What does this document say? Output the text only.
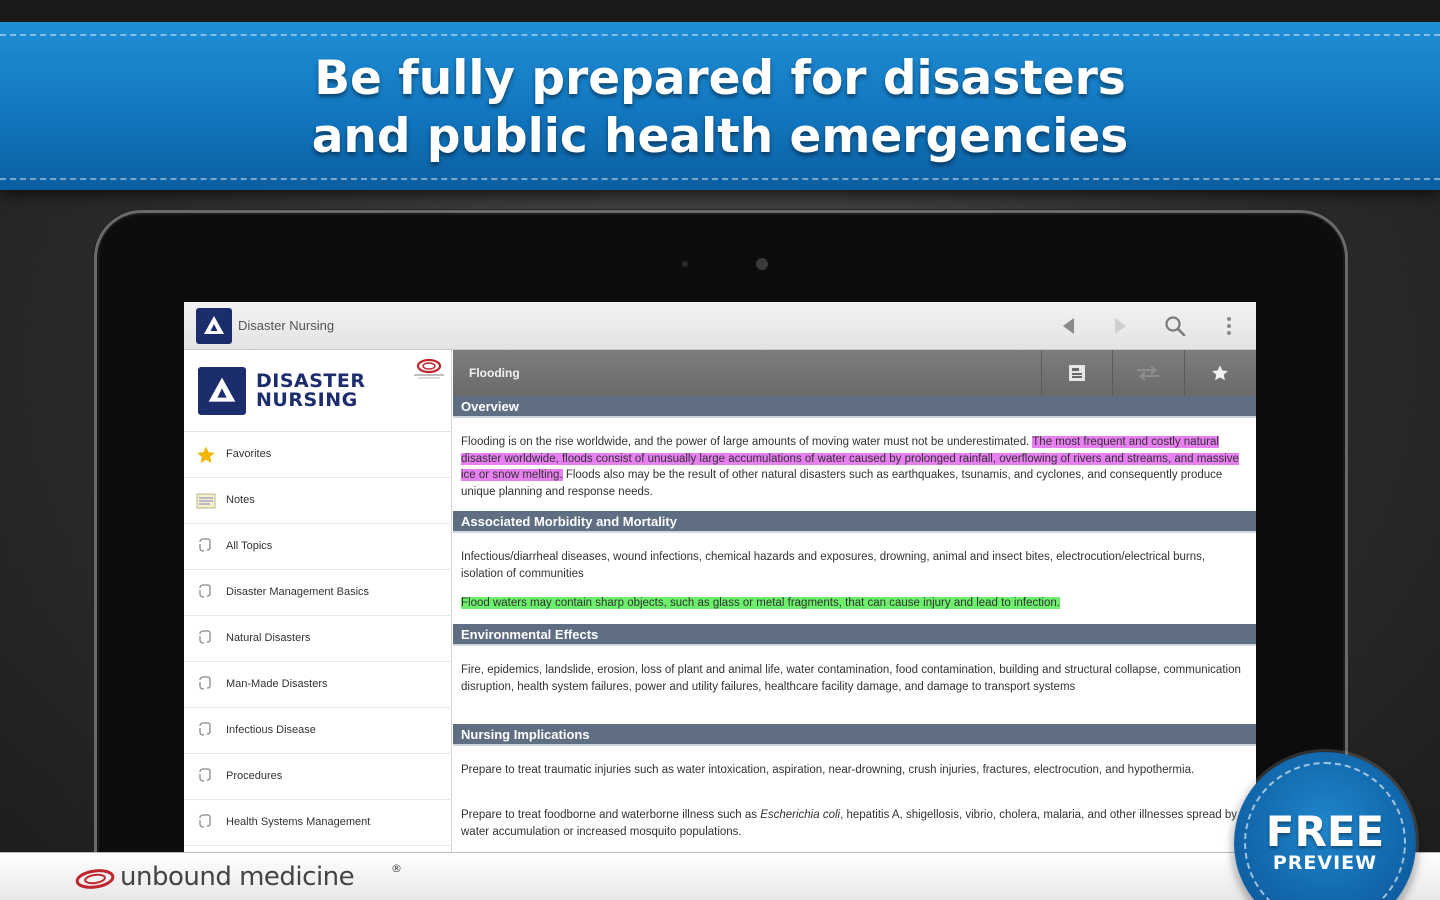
Be fully prepared for disasters
and public health emergencies
Disaster Nursing
DISASTER
NURSING
Favorites
Notes
All Topics
Disaster Management Basics
Natural Disasters
Man-Made Disasters
Infectious Disease
Procedures
Health Systems Management
Flooding
Overview
Flooding is on the rise worldwide, and the power of large amounts of moving water must not be underestimated. The most frequent and costly natural disaster worldwide, floods consist of unusually large accumulations of water caused by prolonged rainfall, overflowing of rivers and streams, and massive ice or snow melting. Floods also may be the result of other natural disasters such as earthquakes, tsunamis, and cyclones, and consequently produce unique planning and response needs.
Associated Morbidity and Mortality
Infectious/diarrheal diseases, wound infections, chemical hazards and exposures, drowning, animal and insect bites, electrocution/electrical burns, isolation of communities
Flood waters may contain sharp objects, such as glass or metal fragments, that can cause injury and lead to infection.
Environmental Effects
Fire, epidemics, landslide, erosion, loss of plant and animal life, water contamination, food contamination, building and structural collapse, communication disruption, health system failures, power and utility failures, healthcare facility damage, and damage to transport systems
Nursing Implications
Prepare to treat traumatic injuries such as water intoxication, aspiration, near-drowning, crush injuries, fractures, electrocution, and hypothermia.
Prepare to treat foodborne and waterborne illness such as Escherichia coli, hepatitis A, shigellosis, vibrio, cholera, malaria, and other illnesses spread by water accumulation or increased mosquito populations.
unbound medicine	®
FREE
PREVIEW
